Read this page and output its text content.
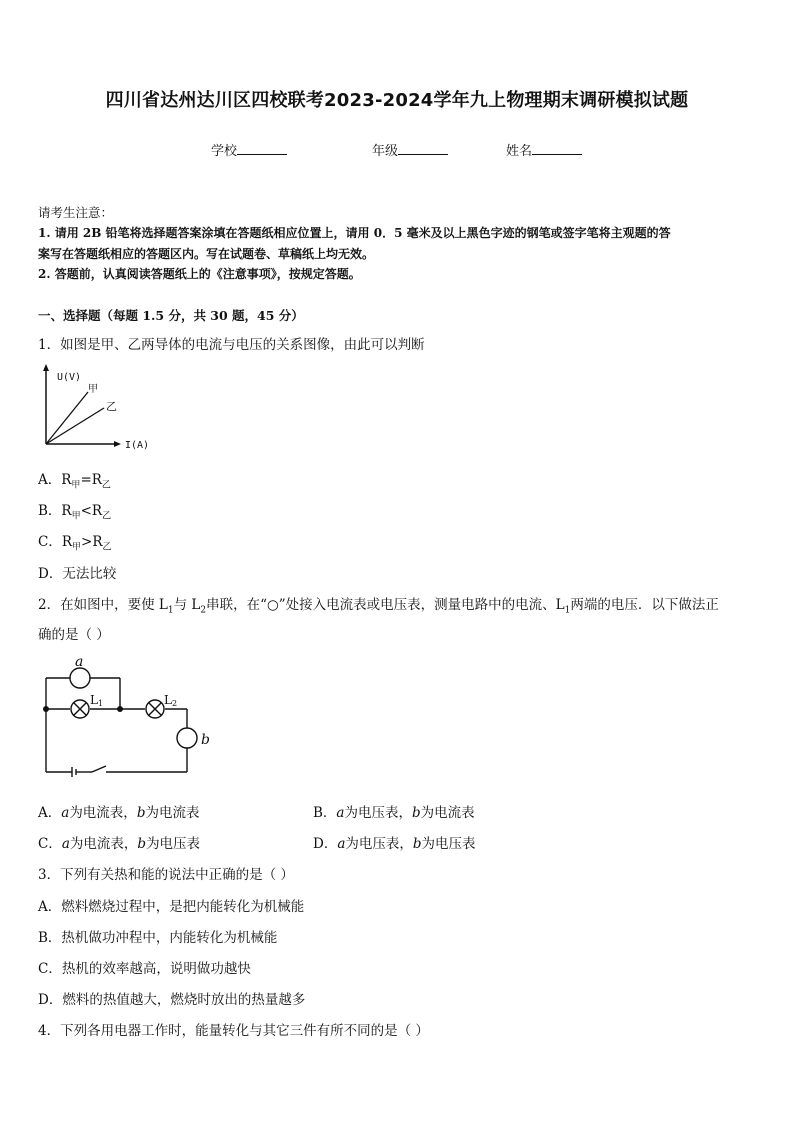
四川省达州达川区四校联考2023-2024学年九上物理期末调研模拟试题
学校	年级	姓名
请考生注意：
1. 请用 2B 铅笔将选择题答案涂填在答题纸相应位置上，请用 0．5 毫米及以上黑色字迹的钢笔或签字笔将主观题的答
案写在答题纸相应的答题区内。写在试题卷、草稿纸上均无效。
2. 答题前，认真阅读答题纸上的《注意事项》，按规定答题。
一、选择题（每题 1.5 分，共 30 题，45 分）
1．如图是甲、乙两导体的电流与电压的关系图像，由此可以判断
U(V)
I(A)
甲
乙
A．$R_甲=R_乙$
B．$R_甲<R_乙$
C．$R_甲>R_乙$
D．无法比较
2．在如图中，要使 $L_1$与 $L_2$串联，在“○”处接入电流表或电压表，测量电路中的电流、$L_1$两端的电压．以下做法正
确的是（ ）
a
b
L1	L2
A．a为电流表，b为电流表	B．a为电压表，b为电流表
C．a为电流表，b为电压表	D．a为电压表，b为电压表
3．下列有关热和能的说法中正确的是（ ）
A．燃料燃烧过程中，是把内能转化为机械能
B．热机做功冲程中，内能转化为机械能
C．热机的效率越高，说明做功越快
D．燃料的热值越大，燃烧时放出的热量越多
4．下列各用电器工作时，能量转化与其它三件有所不同的是（ ）
